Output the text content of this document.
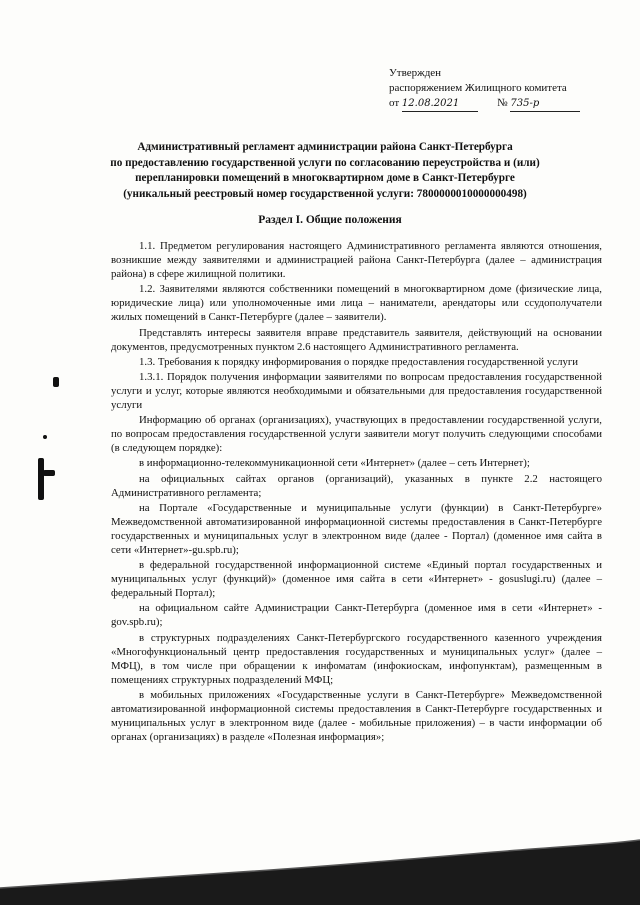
Утвержден
распоряжением Жилищного комитета
от 12.08.2021	№ 735-р
Административный регламент администрации района Санкт-Петербурга
по предоставлению государственной услуги по согласованию переустройства и (или)
перепланировки помещений в многоквартирном доме в Санкт-Петербурге
(уникальный реестровый номер государственной услуги: 7800000010000000498)
Раздел I. Общие положения

1.1. Предметом регулирования настоящего Административного регламента являются отношения, возникшие между заявителями и администрацией района Санкт-Петербурга (далее – администрация района) в сфере жилищной политики.

1.2. Заявителями являются собственники помещений в многоквартирном доме (физические лица, юридические лица) или уполномоченные ими лица – наниматели, арендаторы или ссудополучатели жилых помещений в Санкт-Петербурге (далее – заявители).

Представлять интересы заявителя вправе представитель заявителя, действующий на основании документов, предусмотренных пунктом 2.6 настоящего Административного регламента.

1.3. Требования к порядку информирования о порядке предоставления государственной услуги

1.3.1. Порядок получения информации заявителями по вопросам предоставления государственной услуги и услуг, которые являются необходимыми и обязательными для предоставления государственной услуги

Информацию об органах (организациях), участвующих в предоставлении государственной услуги, по вопросам предоставления государственной услуги заявители могут получить следующими способами (в следующем порядке):

в информационно-телекоммуникационной сети «Интернет» (далее – сеть Интернет);

на официальных сайтах органов (организаций), указанных в пункте 2.2 настоящего Административного регламента;

на Портале «Государственные и муниципальные услуги (функции) в Санкт-Петербурге» Межведомственной автоматизированной информационной системы предоставления в Санкт-Петербурге государственных и муниципальных услуг в электронном виде (далее - Портал) (доменное имя сайта в сети «Интернет»-gu.spb.ru);

в федеральной государственной информационной системе «Единый портал государственных и муниципальных услуг (функций)» (доменное имя сайта в сети «Интернет» - gosuslugi.ru) (далее – федеральный Портал);

на официальном сайте Администрации Санкт-Петербурга (доменное имя в сети «Интернет» - gov.spb.ru);

в структурных подразделениях Санкт-Петербургского государственного казенного учреждения «Многофункциональный центр предоставления государственных и муниципальных услуг» (далее – МФЦ), в том числе при обращении к инфоматам (инфокиоскам, инфопунктам), размещенным в помещениях структурных подразделений МФЦ;

в мобильных приложениях «Государственные услуги в Санкт-Петербурге» Межведомственной автоматизированной информационной системы предоставления в Санкт-Петербурге государственных и муниципальных услуг в электронном виде (далее - мобильные приложения) – в части информации об органах (организациях) в разделе «Полезная информация»;
